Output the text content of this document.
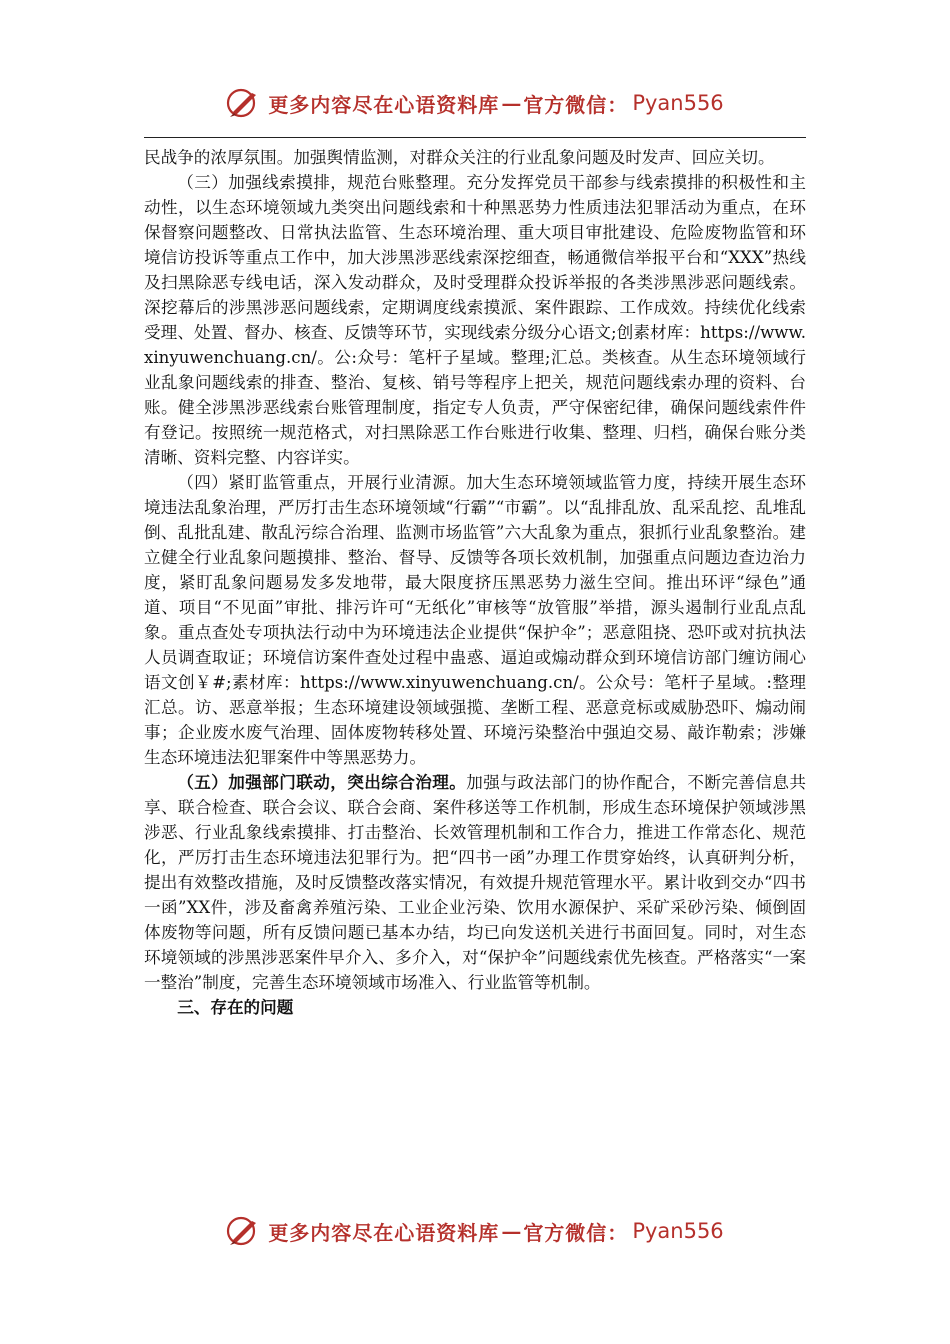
更多内容尽在心语资料库 — 官方微信： Pyan556

民战争的浓厚氛围。加强舆情监测，对群众关注的行业乱象问题及时发声、回应关切。

（三）加强线索摸排，规范台账整理。充分发挥党员干部参与线索摸排的积极性和主动性，以生态环境领域九类突出问题线索和十种黑恶势力性质违法犯罪活动为重点，在环保督察问题整改、日常执法监管、生态环境治理、重大项目审批建设、危险废物监管和环境信访投诉等重点工作中，加大涉黑涉恶线索深挖细查，畅通微信举报平台和“XXX”热线及扫黑除恶专线电话，深入发动群众，及时受理群众投诉举报的各类涉黑涉恶问题线索。深挖幕后的涉黑涉恶问题线索，定期调度线索摸派、案件跟踪、工作成效。持续优化线索受理、处置、督办、核查、反馈等环节，实现线索分级分心语文;创素材库：https://www.xinyuwenchuang.cn/。公:众号：笔杆子星域。整理;汇总。类核查。从生态环境领域行业乱象问题线索的排查、整治、复核、销号等程序上把关，规范问题线索办理的资料、台账。健全涉黑涉恶线索台账管理制度，指定专人负责，严守保密纪律，确保问题线索件件有登记。按照统一规范格式，对扫黑除恶工作台账进行收集、整理、归档，确保台账分类清晰、资料完整、内容详实。

（四）紧盯监管重点，开展行业清源。加大生态环境领域监管力度，持续开展生态环境违法乱象治理，严厉打击生态环境领域“行霸”“市霸”。以“乱排乱放、乱采乱挖、乱堆乱倒、乱批乱建、散乱污综合治理、监测市场监管”六大乱象为重点，狠抓行业乱象整治。建立健全行业乱象问题摸排、整治、督导、反馈等各项长效机制，加强重点问题边查边治力度，紧盯乱象问题易发多发地带，最大限度挤压黑恶势力滋生空间。推出环评“绿色”通道、项目“不见面”审批、排污许可“无纸化”审核等“放管服”举措，源头遏制行业乱点乱象。重点查处专项执法行动中为环境违法企业提供“保护伞”；恶意阻挠、恐吓或对抗执法人员调查取证；环境信访案件查处过程中蛊惑、逼迫或煽动群众到环境信访部门缠访闹心语文创￥#;素材库：https://www.xinyuwenchuang.cn/。公众号：笔杆子星域。:整理汇总。访、恶意举报；生态环境建设领域强揽、垄断工程、恶意竞标或威胁恐吓、煽动闹事；企业废水废气治理、固体废物转移处置、环境污染整治中强迫交易、敲诈勒索；涉嫌生态环境违法犯罪案件中等黑恶势力。

（五）加强部门联动，突出综合治理。加强与政法部门的协作配合，不断完善信息共享、联合检查、联合会议、联合会商、案件移送等工作机制，形成生态环境保护领域涉黑涉恶、行业乱象线索摸排、打击整治、长效管理机制和工作合力，推进工作常态化、规范化，严厉打击生态环境违法犯罪行为。把“四书一函”办理工作贯穿始终，认真研判分析，提出有效整改措施，及时反馈整改落实情况，有效提升规范管理水平。累计收到交办“四书一函”XX件，涉及畜禽养殖污染、工业企业污染、饮用水源保护、采矿采砂污染、倾倒固体废物等问题，所有反馈问题已基本办结，均已向发送机关进行书面回复。同时，对生态环境领域的涉黑涉恶案件早介入、多介入，对“保护伞”问题线索优先核查。严格落实“一案一整治”制度，完善生态环境领域市场准入、行业监管等机制。

三、存在的问题

更多内容尽在心语资料库 — 官方微信： Pyan556
